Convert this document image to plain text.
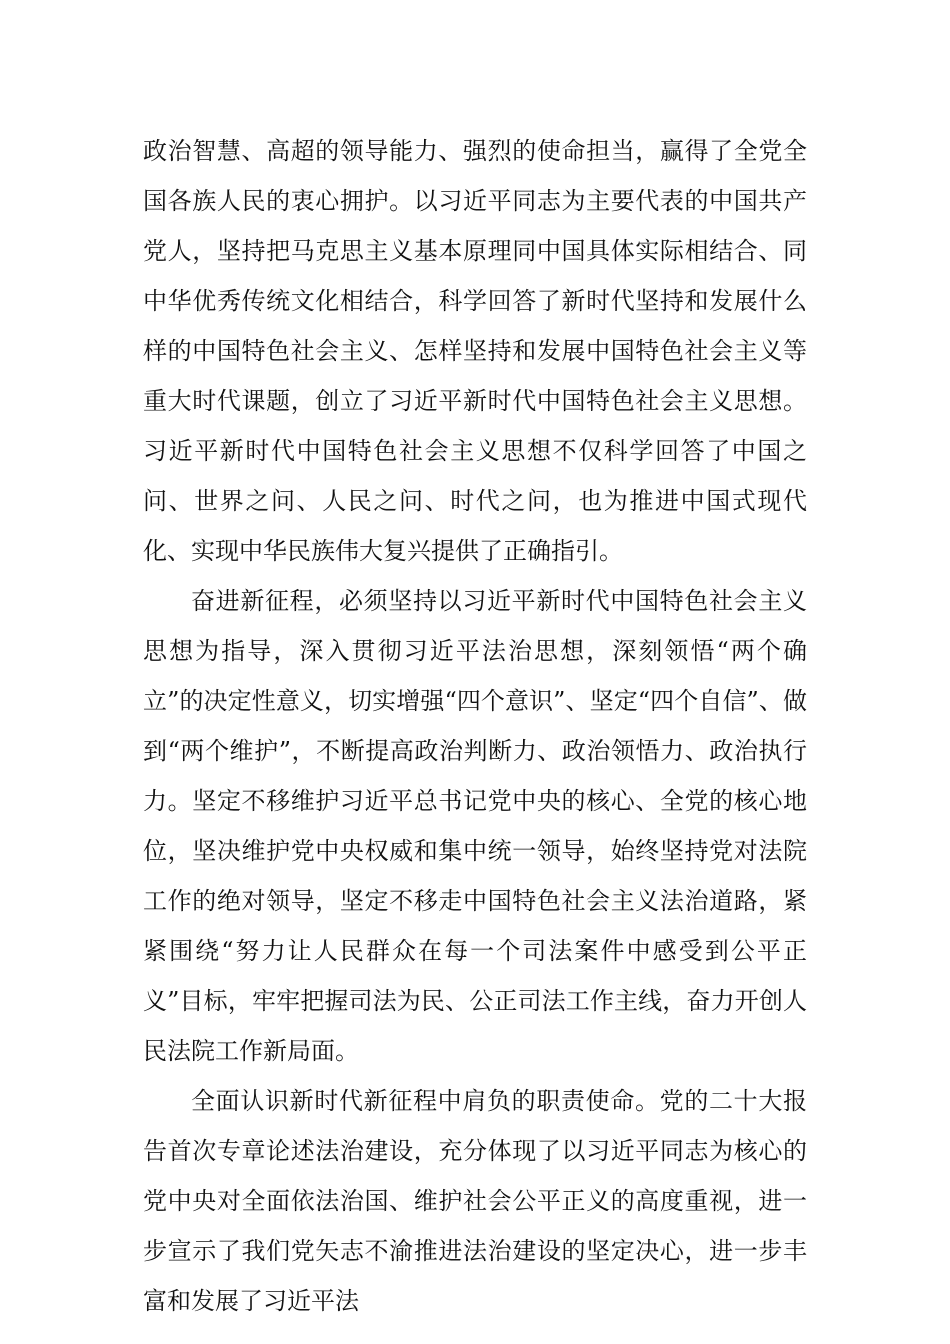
政治智慧、高超的领导能力、强烈的使命担当，赢得了全党全国各族人民的衷心拥护。以习近平同志为主要代表的中国共产党人，坚持把马克思主义基本原理同中国具体实际相结合、同中华优秀传统文化相结合，科学回答了新时代坚持和发展什么样的中国特色社会主义、怎样坚持和发展中国特色社会主义等重大时代课题，创立了习近平新时代中国特色社会主义思想。习近平新时代中国特色社会主义思想不仅科学回答了中国之问、世界之问、人民之问、时代之问，也为推进中国式现代化、实现中华民族伟大复兴提供了正确指引。

奋进新征程，必须坚持以习近平新时代中国特色社会主义思想为指导，深入贯彻习近平法治思想，深刻领悟“两个确立”的决定性意义，切实增强“四个意识”、坚定“四个自信”、做到“两个维护”，不断提高政治判断力、政治领悟力、政治执行力。坚定不移维护习近平总书记党中央的核心、全党的核心地位，坚决维护党中央权威和集中统一领导，始终坚持党对法院工作的绝对领导，坚定不移走中国特色社会主义法治道路，紧紧围绕“努力让人民群众在每一个司法案件中感受到公平正义”目标，牢牢把握司法为民、公正司法工作主线，奋力开创人民法院工作新局面。

全面认识新时代新征程中肩负的职责使命。党的二十大报告首次专章论述法治建设，充分体现了以习近平同志为核心的党中央对全面依法治国、维护社会公平正义的高度重视，进一步宣示了我们党矢志不渝推进法治建设的坚定决心，进一步丰富和发展了习近平法
